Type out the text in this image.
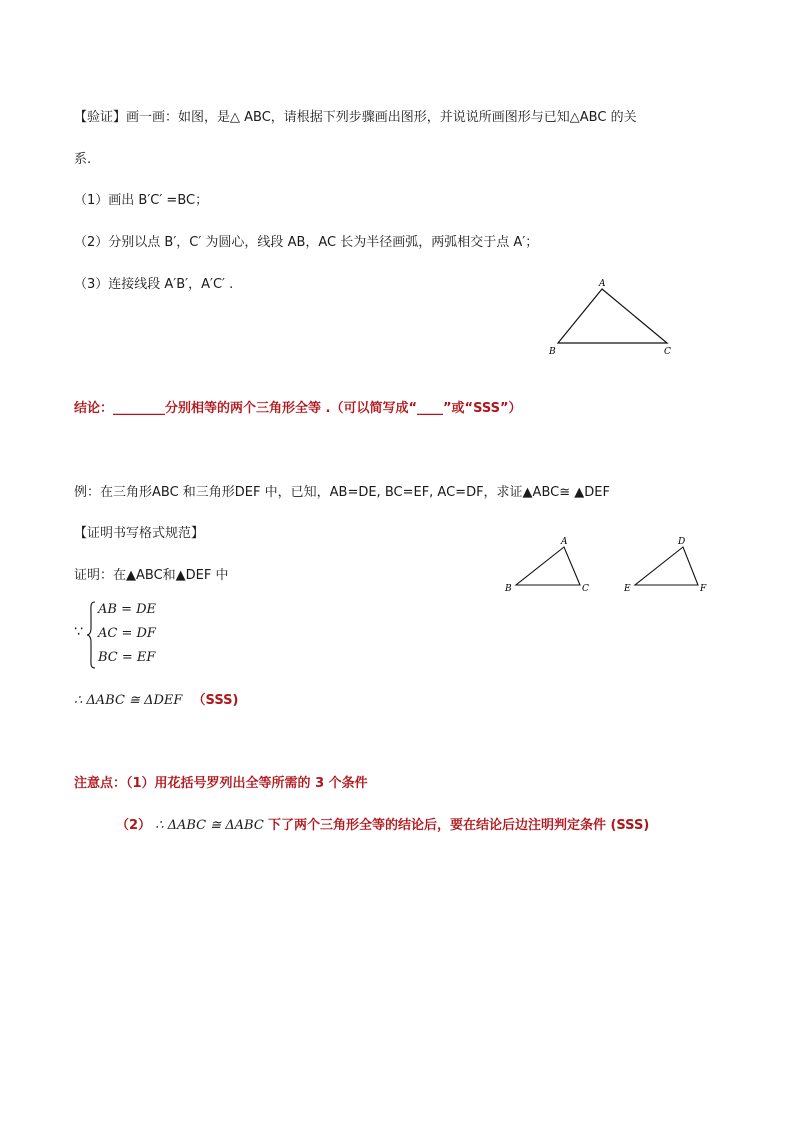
【验证】画一画：如图，是△ ABC，请根据下列步骤画出图形，并说说所画图形与已知△ABC 的关
系.
（1）画出 B′C′ =BC；
（2）分别以点 B′，C′ 为圆心，线段 AB，AC 长为半径画弧，两弧相交于点 A′；
（3）连接线段 A′B′，A′C′ .	A
B	C
结论：________分别相等的两个三角形全等 .（可以简写成“____”或“SSS”）
例：在三角形ABC 和三角形DEF 中，已知，AB=DE, BC=EF, AC=DF，求证▲ABC≅ ▲DEF
【证明书写格式规范】
证明：在▲ABC和▲DEF 中
A
B	C
D
E	F
∵
AB = DE
AC = DF
BC = EF
∴ ΔABC ≅ ΔDEF （SSS)
注意点：（1）用花括号罗列出全等所需的 3 个条件
（2） ∴ ΔABC ≅ ΔABC 下了两个三角形全等的结论后，要在结论后边注明判定条件 (SSS)
